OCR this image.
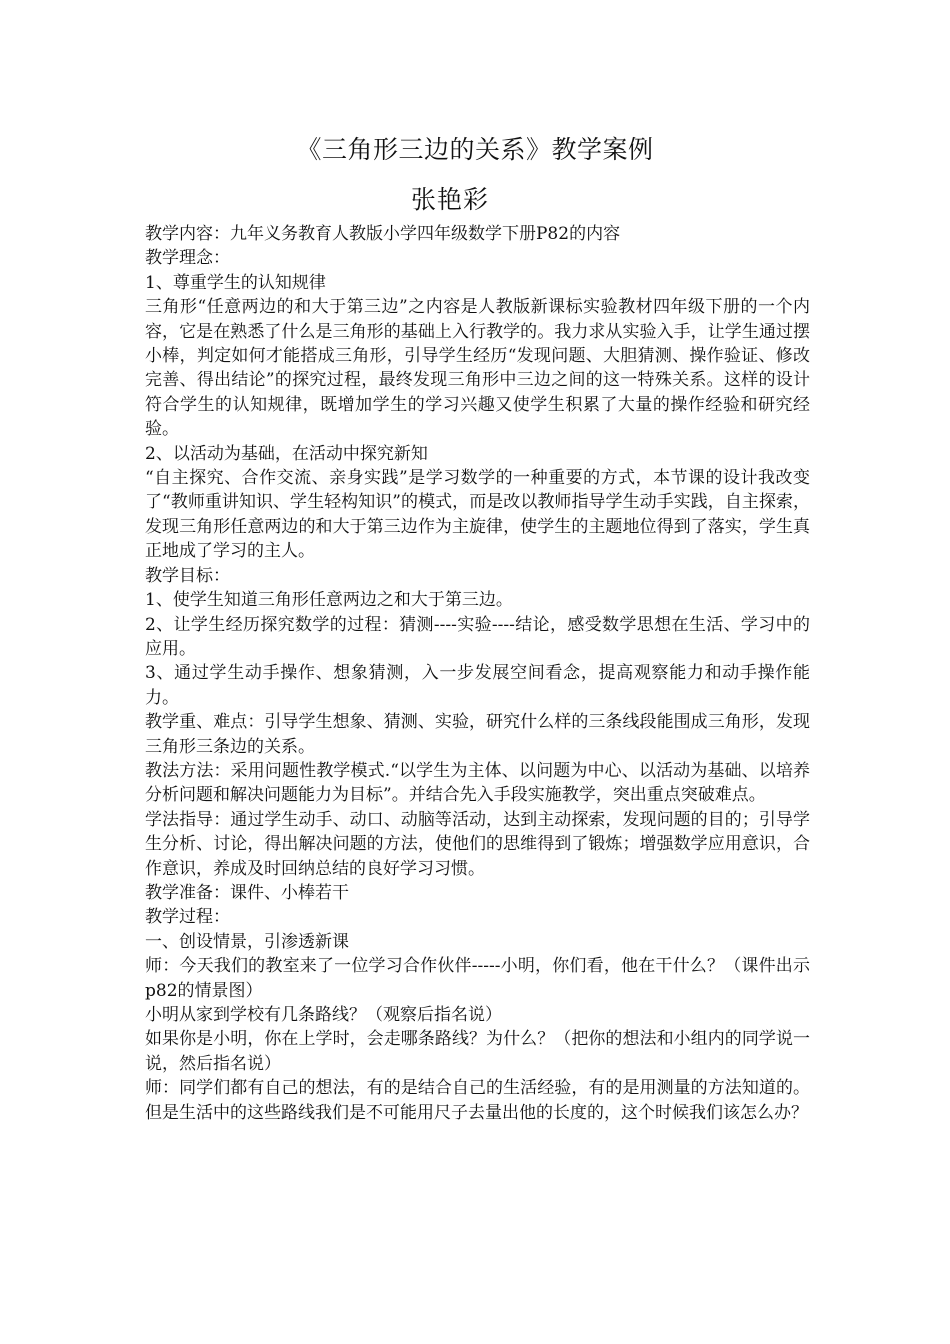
《三角形三边的关系》教学案例
张艳彩

教学内容：九年义务教育人教版小学四年级数学下册P82的内容

教学理念：

1、尊重学生的认知规律

三角形“任意两边的和大于第三边”之内容是人教版新课标实验教材四年级下册的一个内容，它是在熟悉了什么是三角形的基础上入行教学的。我力求从实验入手，让学生通过摆小棒，判定如何才能搭成三角形，引导学生经历“发现问题、大胆猜测、操作验证、修改完善、得出结论”的探究过程，最终发现三角形中三边之间的这一特殊关系。这样的设计符合学生的认知规律，既增加学生的学习兴趣又使学生积累了大量的操作经验和研究经验。

2、以活动为基础，在活动中探究新知

“自主探究、合作交流、亲身实践”是学习数学的一种重要的方式，本节课的设计我改变了“教师重讲知识、学生轻构知识”的模式，而是改以教师指导学生动手实践，自主探索，发现三角形任意两边的和大于第三边作为主旋律，使学生的主题地位得到了落实，学生真正地成了学习的主人。

教学目标：

1、使学生知道三角形任意两边之和大于第三边。

2、让学生经历探究数学的过程：猜测----实验----结论，感受数学思想在生活、学习中的应用。

3、通过学生动手操作、想象猜测，入一步发展空间看念，提高观察能力和动手操作能力。

教学重、难点：引导学生想象、猜测、实验，研究什么样的三条线段能围成三角形，发现三角形三条边的关系。

教法方法：采用问题性教学模式.“以学生为主体、以问题为中心、以活动为基础、以培养分析问题和解决问题能力为目标”。并结合先入手段实施教学，突出重点突破难点。

学法指导：通过学生动手、动口、动脑等活动，达到主动探索，发现问题的目的；引导学生分析、讨论，得出解决问题的方法，使他们的思维得到了锻炼；增强数学应用意识，合作意识，养成及时回纳总结的良好学习习惯。

教学准备：课件、小棒若干

教学过程：

一、创设情景，引渗透新课

师：今天我们的教室来了一位学习合作伙伴-----小明，你们看，他在干什么？（课件出示p82的情景图）

小明从家到学校有几条路线？（观察后指名说）

如果你是小明，你在上学时，会走哪条路线？为什么？（把你的想法和小组内的同学说一说，然后指名说）

师：同学们都有自己的想法，有的是结合自己的生活经验，有的是用测量的方法知道的。但是生活中的这些路线我们是不可能用尺子去量出他的长度的，这个时候我们该怎么办？
